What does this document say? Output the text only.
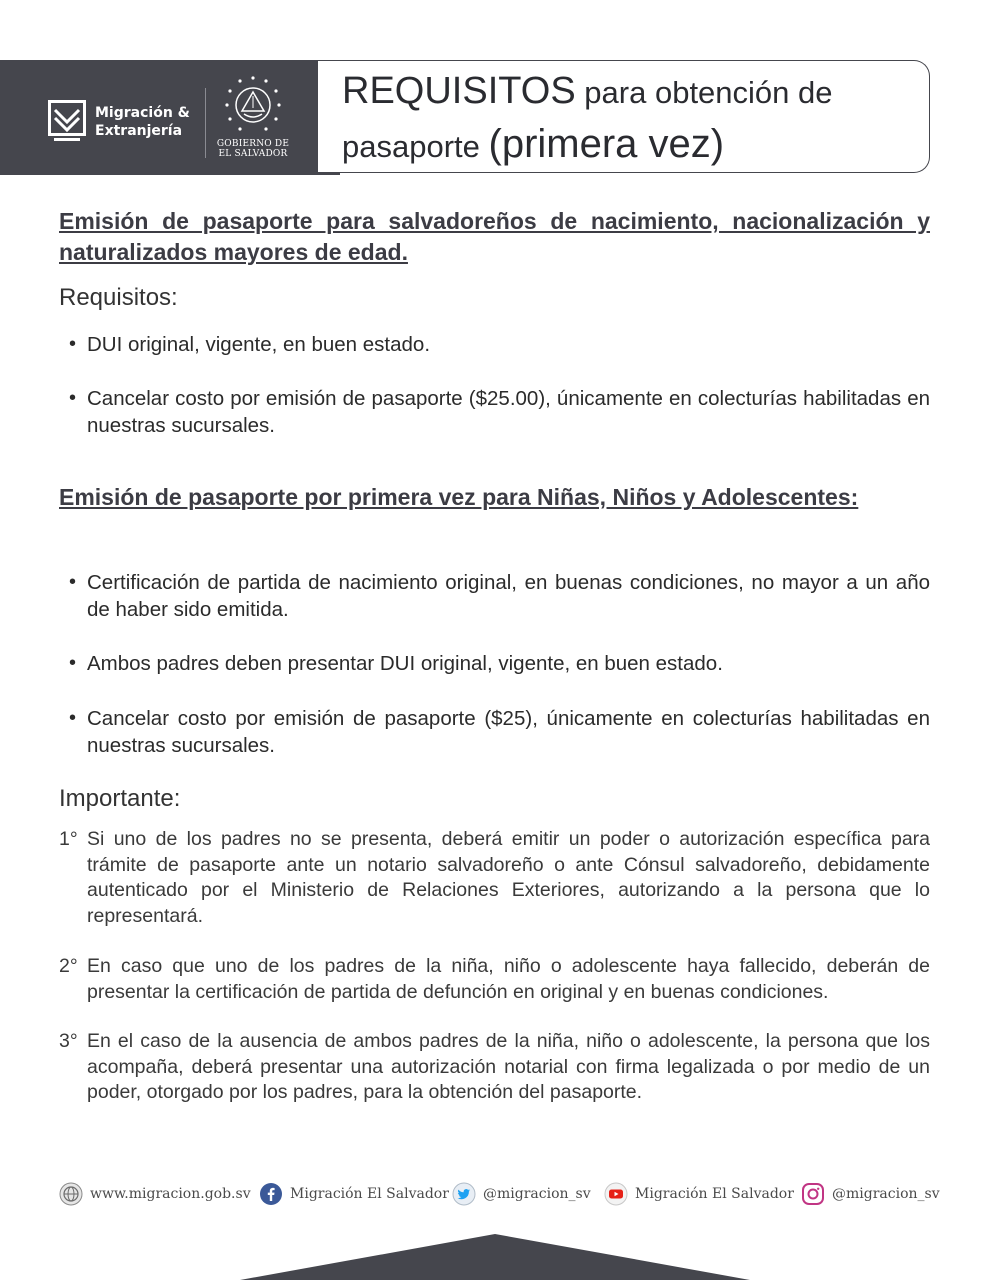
Migración &
Extranjería
GOBIERNO DE
EL SALVADOR
REQUISITOS para obtención de
pasaporte (primera vez)

Emisión de pasaporte para salvadoreños de nacimiento, nacionalización y naturalizados mayores de edad.

Requisitos:

• DUI original, vigente, en buen estado.
• Cancelar costo por emisión de pasaporte ($25.00), únicamente en colecturías habilitadas en nuestras sucursales.

Emisión de pasaporte por primera vez para Niñas, Niños y Adolescentes:

• Certificación de partida de nacimiento original, en buenas condiciones, no mayor a un año de haber sido emitida.
• Ambos padres deben presentar DUI original, vigente, en buen estado.
• Cancelar costo por emisión de pasaporte ($25), únicamente en colecturías habilitadas en nuestras sucursales.

Importante:

1° Si uno de los padres no se presenta, deberá emitir un poder o autorización específica para trámite de pasaporte ante un notario salvadoreño o ante Cónsul salvadoreño, debidamente autenticado por el Ministerio de Relaciones Exteriores, autorizando a la persona que lo representará.
2° En caso que uno de los padres de la niña, niño o adolescente haya fallecido, deberán de presentar la certificación de partida de defunción en original y en buenas condiciones.
3° En el caso de la ausencia de ambos padres de la niña, niño o adolescente, la persona que los acompaña, deberá presentar una autorización notarial con firma legalizada o por medio de un poder, otorgado por los padres, para la obtención del pasaporte.
www.migracion.gob.sv	Migración El Salvador @migracion_sv	Migración El Salvador	@migracion_sv
